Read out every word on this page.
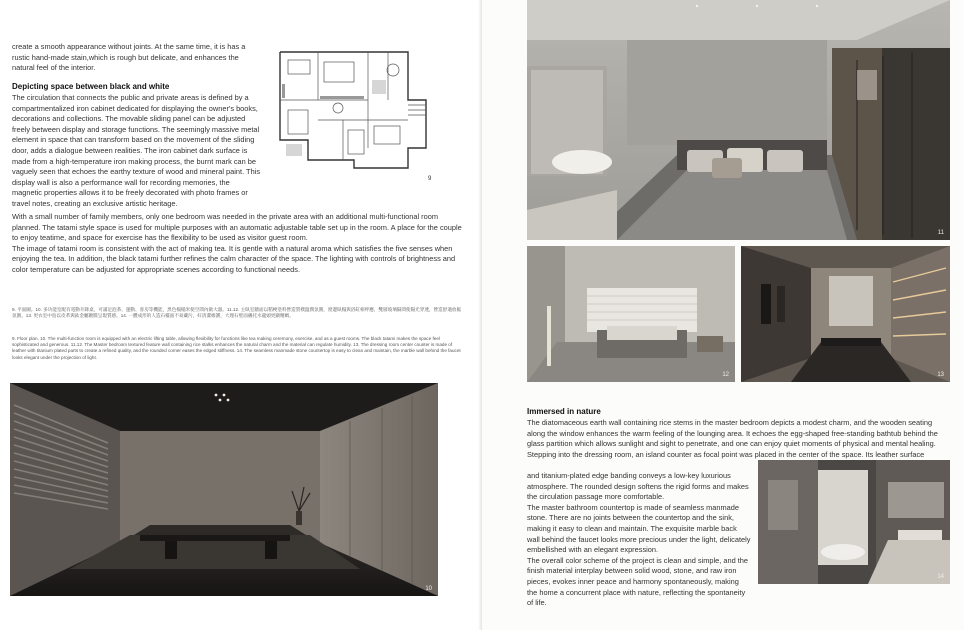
create a smooth appearance without joints. At the same time, it is has a rustic hand-made stain,which is rough but delicate, and enhances the natural feel of the interior.

Depicting space between black and white

The circulation that connects the public and private areas is defined by a compartmentalized iron cabinet dedicated for displaying the owner's books, decorations and collections. The movable sliding panel can be adjusted freely between display and storage functions. The seemingly massive metal element in space that can transform based on the movement of the sliding door, adds a dialogue between realities. The iron cabinet dark surface is made from a high-temperature iron making process, the burnt mark can be vaguely seen that echoes the earthy texture of wood and mineral paint. This display wall is also a performance wall for recording memories, the magnetic properties allows it to be freely decorated with photo frames or travel notes, creating an exclusive artistic heritage.

With a small number of family members, only one bedroom was needed in the private area with an additional multi-functional room planned. The tatami style space is used for multiple purposes with an automatic adjustable table set up in the room. A place for the couple to enjoy teatime, and space for exercise has the flexibility to be used as visitor guest room.
The image of tatami room is consistent with the act of making tea. It is gentle with a natural aroma which satisfies the five senses when enjoying the tea. In addition, the black tatami further refines the calm character of the space. The lighting with controls of brightness and color temperature can be adjusted for appropriate scenes according to functional needs.

9

9. 平面圖。10. 多功能室配有電動升降桌，可滿足泡茶、運動、客房等機能，黑色榻榻米使空間內斂大器。11.12. 主臥室牆面以稻梗塗料營造質樸溫潤氛圍，窗邊臥榻與浴缸相呼應，雙層玻璃隔間使陽光穿透，營造舒適放鬆氛圍。13. 更衣室中島以皮革與鈦金屬鍍膜呈現質感。14. 一體成形的人造石檯面不易藏污，好清潔維護，大理石壁面襯托水龍頭更顯精緻。

9. Floor plan. 10. The multi-function room is equipped with an electric lifting table, allowing flexibility for functions like tea making ceremony, exercise, and as a guest rooms. The black tatami makes the space feel sophisticated and generous. 11.12. The Master bedroom textured feature wall containing rice stalks enhances the natural charm and the material can regulate humidity. 13. The dressing room center counter is made of leather with titanium plated parts to create a refined quality, and the rounded corner eases the edged stiffness. 14. The seamless manmade stone countertop is easy to clean and maintain, the marble wall behind the faucet looks elegant under the projection of light.

10
11
12	13

Immersed in nature

The diatomaceous earth wall containing rice stems in the master bedroom depicts a modest charm, and the wooden seating along the window enhances the warm feeling of the lounging area. It echoes the egg-shaped free-standing bathtub behind the glass partition which allows sunlight and sight to penetrate, and one can enjoy quiet moments of physical and mental healing. Stepping into the dressing room, an island counter as focal point was placed in the center of the space. Its leather surface

and titanium-plated edge banding conveys a low-key luxurious atmosphere. The rounded design softens the rigid forms and makes the circulation passage more comfortable.
The master bathroom countertop is made of seamless manmade stone. There are no joints between the countertop and the sink, making it easy to clean and maintain. The exquisite marble back wall behind the faucet looks more precious under the light, delicately embellished with an elegant expression.
The overall color scheme of the project is clean and simple, and the finish material interplay between solid wood, stone, and raw iron pieces, evokes inner peace and harmony spontaneously, making the home a concurrent place with nature, reflecting the spontaneity of life.

14
